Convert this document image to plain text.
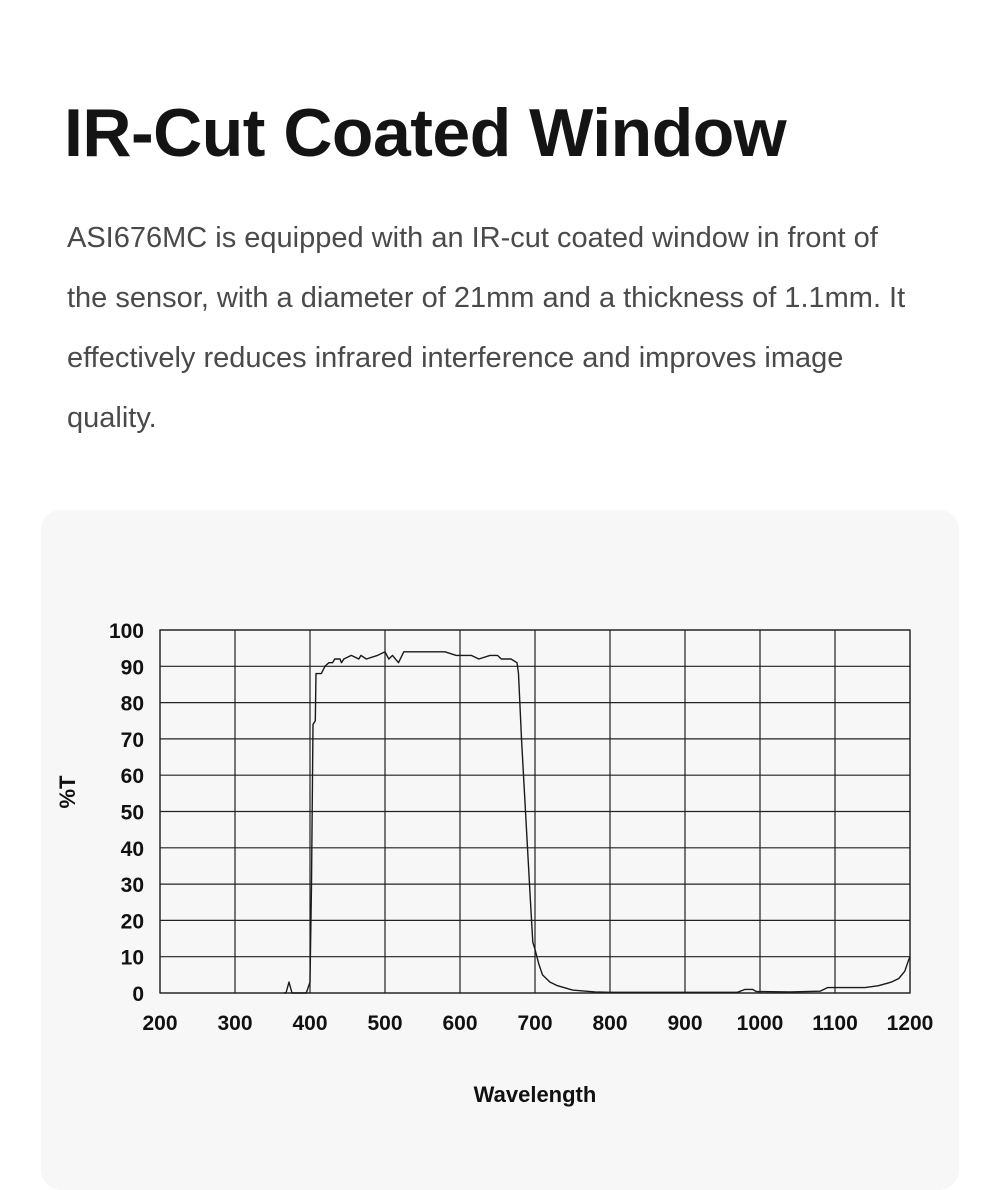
IR-Cut Coated Window

ASI676MC is equipped with an IR-cut coated window in front of the sensor, with a diameter of 21mm and a thickness of 1.1mm. It effectively reduces infrared interference and improves image quality.

0
10
20
30
40
50
60
70
80
90
100
200 300 400 500 600 700 800 900 1000 1100 1200
%T
Wavelength
